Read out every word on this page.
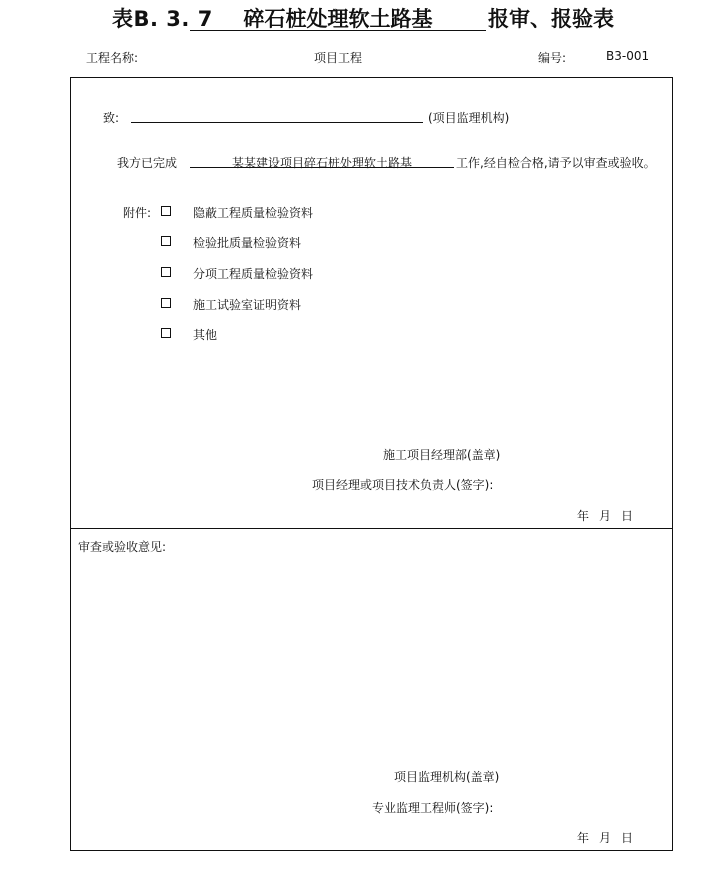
表B. 3. 7	碎石桩处理软土路基	报审、报验表
工程名称:	项目工程	编号:	B3-001
致:	(项目监理机构)
我方已完成	某某建设项目碎石桩处理软土路基	工作,经自检合格,请予以审查或验收。
附件:	隐蔽工程质量检验资料
检验批质量检验资料
分项工程质量检验资料
施工试验室证明资料
其他
施工项目经理部(盖章)
项目经理或项目技术负责人(签字):
年 月 日
审查或验收意见:
项目监理机构(盖章)
专业监理工程师(签字):
年 月 日
